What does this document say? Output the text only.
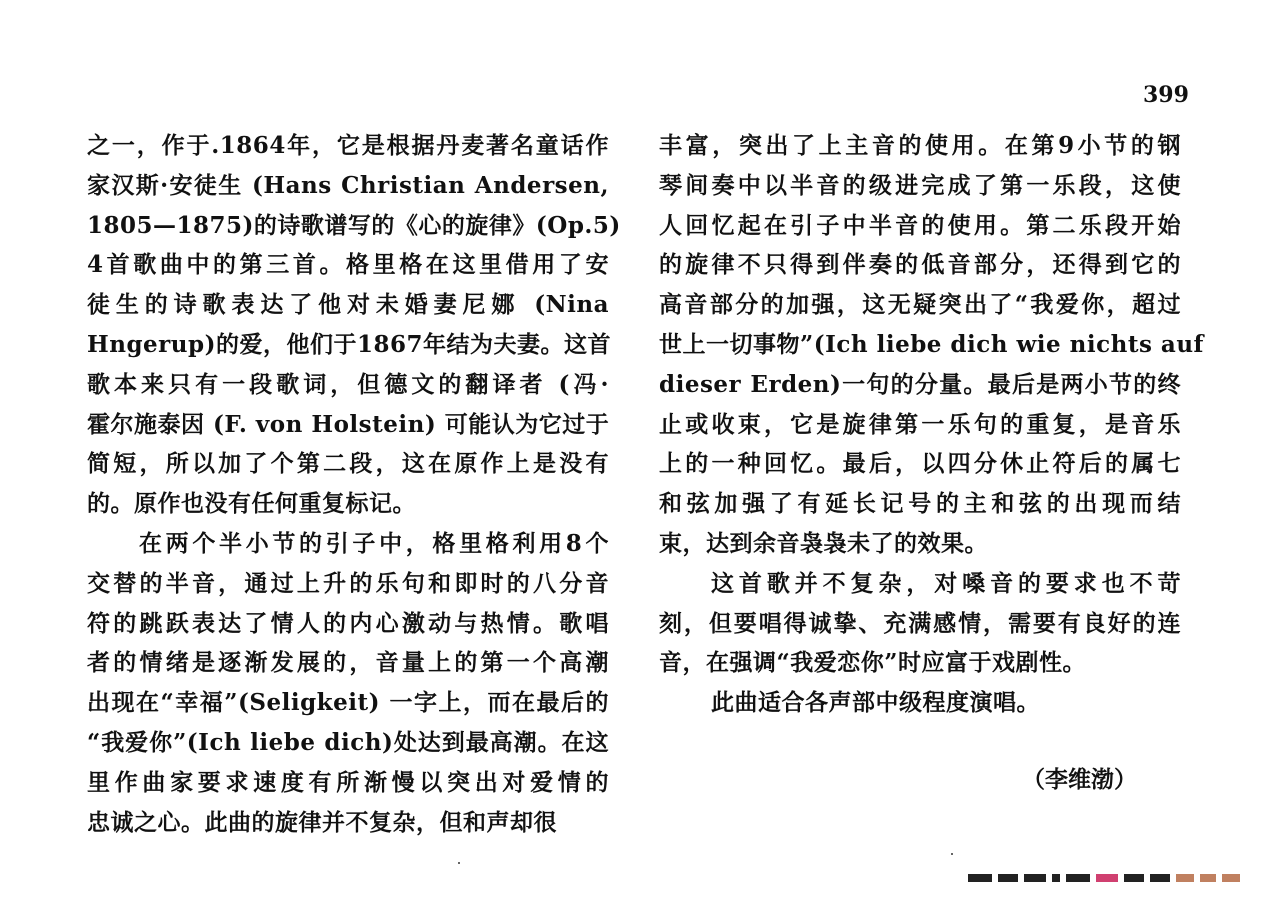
399
之一，作于.1864年，它是根据丹麦著名童话作
家汉斯·安徒生 (Hans Christian Andersen,
1805—1875)的诗歌谱写的《心的旋律》(Op.5)
4首歌曲中的第三首。格里格在这里借用了安
徒生的诗歌表达了他对未婚妻尼娜 (Nina
Hngerup)的爱，他们于1867年结为夫妻。这首
歌本来只有一段歌词，但德文的翻译者 (冯·
霍尔施泰因 (F. von Holstein) 可能认为它过于
简短，所以加了个第二段，这在原作上是没有
的。原作也没有任何重复标记。
在两个半小节的引子中，格里格利用8个
交替的半音，通过上升的乐句和即时的八分音
符的跳跃表达了情人的内心激动与热情。歌唱
者的情绪是逐渐发展的，音量上的第一个高潮
出现在“幸福”(Seligkeit) 一字上，而在最后的
“我爱你”(Ich liebe dich)处达到最高潮。在这
里作曲家要求速度有所渐慢以突出对爱情的
忠诚之心。此曲的旋律并不复杂，但和声却很
丰富，突出了上主音的使用。在第9小节的钢
琴间奏中以半音的级进完成了第一乐段，这使
人回忆起在引子中半音的使用。第二乐段开始
的旋律不只得到伴奏的低音部分，还得到它的
高音部分的加强，这无疑突出了“我爱你，超过
世上一切事物”(Ich liebe dich wie nichts auf
dieser Erden)一句的分量。最后是两小节的终
止或收束，它是旋律第一乐句的重复，是音乐
上的一种回忆。最后，以四分休止符后的属七
和弦加强了有延长记号的主和弦的出现而结
束，达到余音袅袅未了的效果。
这首歌并不复杂，对嗓音的要求也不苛
刻，但要唱得诚挚、充满感情，需要有良好的连
音，在强调“我爱恋你”时应富于戏剧性。
此曲适合各声部中级程度演唱。
（李维渤）
